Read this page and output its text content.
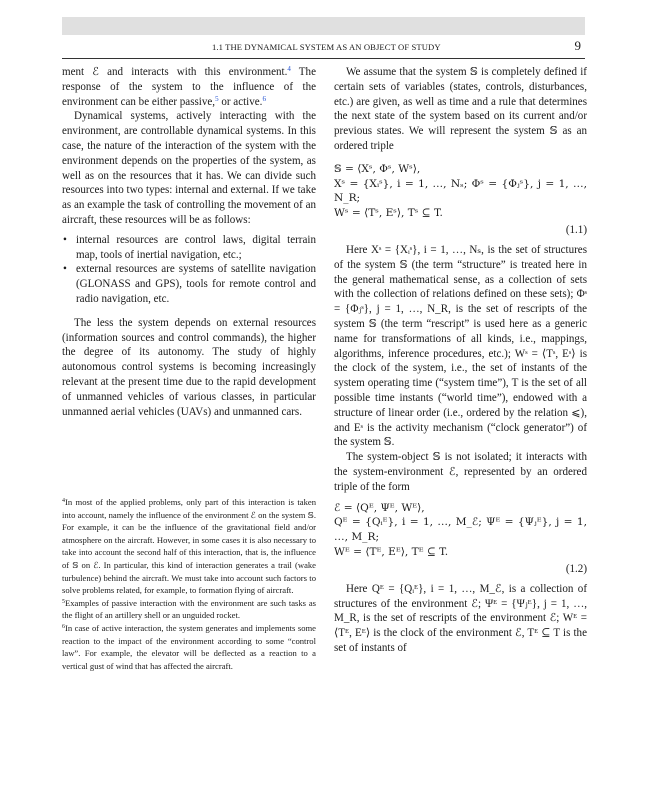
1.1 THE DYNAMICAL SYSTEM AS AN OBJECT OF STUDY	9

ment ℰ and interacts with this environment.$^4$ The response of the system to the influence of the environment can be either passive,$^5$ or active.$^6$

Dynamical systems, actively interacting with the environment, are controllable dynamical systems. In this case, the nature of the interaction of the system with the environment depends on the properties of the system, as well as on the resources that it has. We can divide such resources into two types: internal and external. If we take as an example the task of controlling the movement of an aircraft, these resources will be as follows:

• internal resources are control laws, digital terrain map, tools of inertial navigation, etc.;
• external resources are systems of satellite navigation (GLONASS and GPS), tools for remote control and radio navigation, etc.

The less the system depends on external resources (information sources and control commands), the higher the degree of its autonomy. The study of highly autonomous control systems is becoming increasingly relevant at the present time due to the rapid development of unmanned vehicles of various classes, in particular unmanned aerial vehicles (UAVs) and unmanned cars.

$^4$In most of the applied problems, only part of this interaction is taken into account, namely the influence of the environment ℰ on the system 𝕊. For example, it can be the influence of the gravitational field and/or atmosphere on the aircraft. However, in some cases it is also necessary to take into account the second half of this interaction, that is, the influence of 𝕊 on ℰ. In particular, this kind of interaction generates a trail (wake turbulence) behind the aircraft. We must take into account such factors to solve problems related, for example, to formation flying of aircraft.

$^5$Examples of passive interaction with the environment are such tasks as the flight of an artillery shell or an unguided rocket.

$^6$In case of active interaction, the system generates and implements some reaction to the impact of the environment according to some “control law”. For example, the elevator will be deflected as a reaction to a vertical gust of wind that has affected the aircraft.

We assume that the system 𝕊 is completely defined if certain sets of variables (states, controls, disturbances, etc.) are given, as well as time and a rule that determines the next state of the system based on its current and/or previous states. We will represent the system 𝕊 as an ordered triple

𝕊 = ⟨Xˢ, Φˢ, Wˢ⟩,

Xˢ = {Xᵢˢ}, i = 1, …, Nₛ; Φˢ = {Φⱼˢ}, j = 1, …, N_R;

Wˢ = ⟨Tˢ, Eˢ⟩, Tˢ ⊆ T.

(1.1)

Here Xˢ = {Xᵢˢ}, i = 1, …, Nₛ, is the set of structures of the system 𝕊 (the term “structure” is treated here in the general mathematical sense, as a collection of sets with the collection of relations defined on these sets); Φˢ = {Φⱼˢ}, j = 1, …, N_R, is the set of rescripts of the system 𝕊 (the term “rescript” is used here as a generic name for transformations of all kinds, i.e., mappings, algorithms, inference procedures, etc.); Wˢ = ⟨Tˢ, Eˢ⟩ is the clock of the system, i.e., the set of instants of the system operating time (“system time”), T is the set of all possible time instants (“world time”), endowed with a structure of linear order (i.e., ordered by the relation ⩽), and Eˢ is the activity mechanism (“clock generator”) of the system 𝕊.

The system-object 𝕊 is not isolated; it interacts with the system-environment ℰ, represented by an ordered triple of the form

ℰ = ⟨Qᴱ, Ψᴱ, Wᴱ⟩,

Qᴱ = {Qᵢᴱ}, i = 1, …, M_ℰ; Ψᴱ = {Ψⱼᴱ}, j = 1, …, M_R;

Wᴱ = ⟨Tᴱ, Eᴱ⟩, Tᴱ ⊆ T.

(1.2)

Here Qᴱ = {Qᵢᴱ}, i = 1, …, M_ℰ, is a collection of structures of the environment ℰ; Ψᴱ = {Ψⱼᴱ}, j = 1, …, M_R, is the set of rescripts of the environment ℰ; Wᴱ = ⟨Tᴱ, Eᴱ⟩ is the clock of the environment ℰ, Tᴱ ⊆ T is the set of instants of
